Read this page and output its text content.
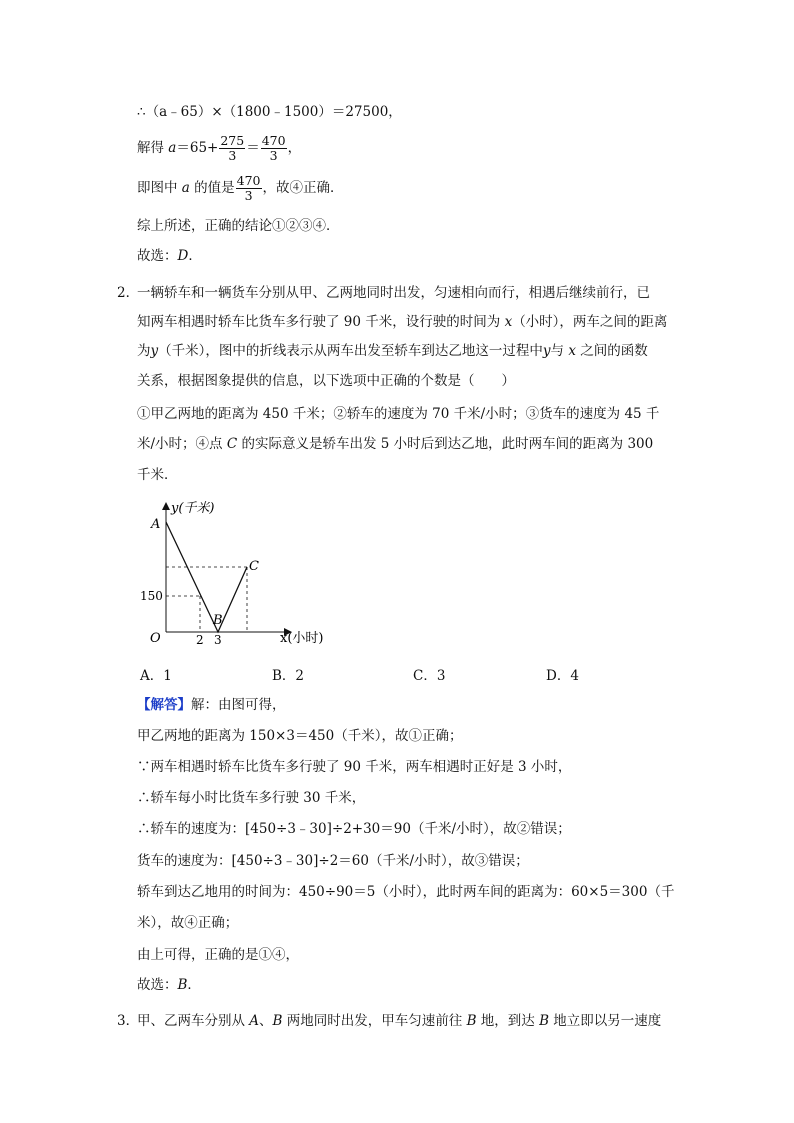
∴（a﹣65）×（1800﹣1500）＝27500，
解得 $a=65+ \frac{275}{3} = \frac{470}{3}$ ，
即图中 a 的值是 $\frac{470}{3}$ ，故④正确．
综上所述，正确的结论①②③④．
故选：D．
2．
一辆轿车和一辆货车分别从甲、乙两地同时出发，匀速相向而行，相遇后继续前行，已
知两车相遇时轿车比货车多行驶了 90 千米，设行驶的时间为 x（小时），两车之间的距离
为y（千米），图中的折线表示从两车出发至轿车到达乙地这一过程中y与 x 之间的函数
关系，根据图象提供的信息，以下选项中正确的个数是（　　）
①甲乙两地的距离为 450 千米；②轿车的速度为 70 千米/小时；③货车的速度为 45 千
米/小时；④点 C 的实际意义是轿车出发 5 小时后到达乙地，此时两车间的距离为 300
千米．
y(千米)
x(小时)
O
A
B
C
150
2 3
A．1	B．2	C．3	D．4
【解答】解：由图可得，
甲乙两地的距离为 150×3＝450（千米），故①正确；
∵两车相遇时轿车比货车多行驶了 90 千米，两车相遇时正好是 3 小时，
∴轿车每小时比货车多行驶 30 千米，
∴轿车的速度为：[450÷3﹣30]÷2+30＝90（千米/小时），故②错误；
货车的速度为：[450÷3﹣30]÷2＝60（千米/小时），故③错误；
轿车到达乙地用的时间为：450÷90＝5（小时），此时两车间的距离为：60×5＝300（千
米），故④正确；
由上可得，正确的是①④，
故选：B．
3．
甲、乙两车分别从 A、B 两地同时出发，甲车匀速前往 B 地，到达 B 地立即以另一速度
